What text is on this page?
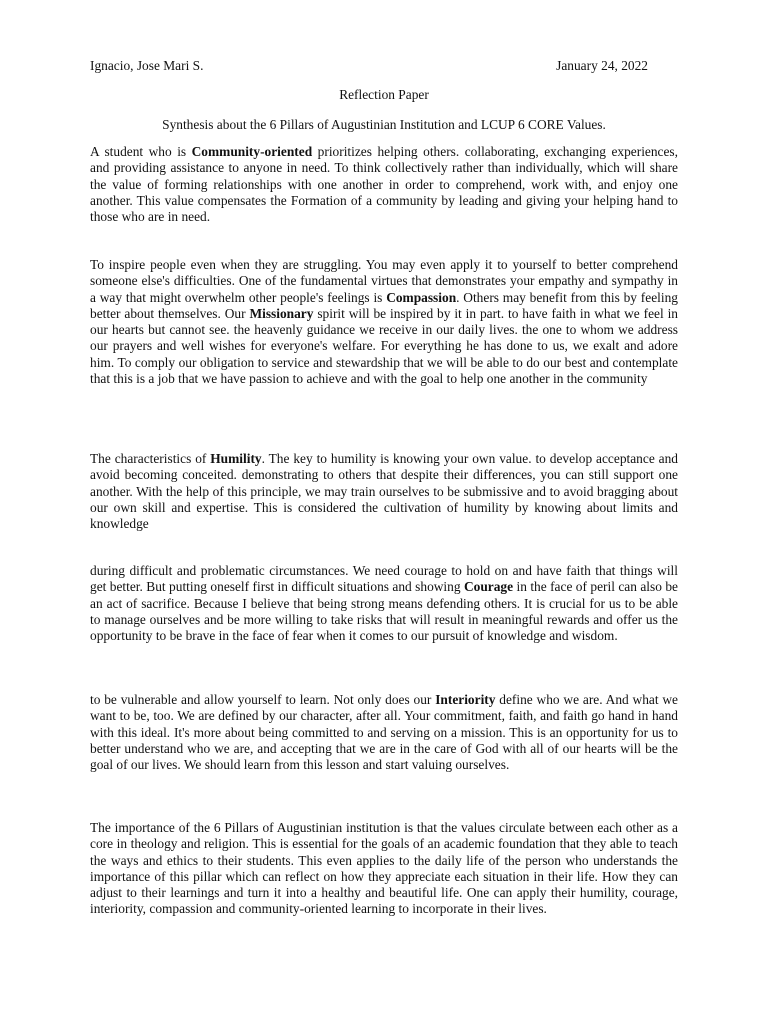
Ignacio, Jose Mari S.	January 24, 2022
Reflection Paper
Synthesis about the 6 Pillars of Augustinian Institution and LCUP 6 CORE Values.

A student who is Community-oriented prioritizes helping others. collaborating, exchanging experiences, and providing assistance to anyone in need. To think collectively rather than individually, which will share the value of forming relationships with one another in order to comprehend, work with, and enjoy one another. This value compensates the Formation of a community by leading and giving your helping hand to those who are in need.

To inspire people even when they are struggling. You may even apply it to yourself to better comprehend someone else's difficulties. One of the fundamental virtues that demonstrates your empathy and sympathy in a way that might overwhelm other people's feelings is Compassion. Others may benefit from this by feeling better about themselves. Our Missionary spirit will be inspired by it in part. to have faith in what we feel in our hearts but cannot see. the heavenly guidance we receive in our daily lives. the one to whom we address our prayers and well wishes for everyone's welfare. For everything he has done to us, we exalt and adore him. To comply our obligation to service and stewardship that we will be able to do our best and contemplate that this is a job that we have passion to achieve and with the goal to help one another in the community

The characteristics of Humility. The key to humility is knowing your own value. to develop acceptance and avoid becoming conceited. demonstrating to others that despite their differences, you can still support one another. With the help of this principle, we may train ourselves to be submissive and to avoid bragging about our own skill and expertise. This is considered the cultivation of humility by knowing about limits and knowledge

during difficult and problematic circumstances. We need courage to hold on and have faith that things will get better. But putting oneself first in difficult situations and showing Courage in the face of peril can also be an act of sacrifice. Because I believe that being strong means defending others. It is crucial for us to be able to manage ourselves and be more willing to take risks that will result in meaningful rewards and offer us the opportunity to be brave in the face of fear when it comes to our pursuit of knowledge and wisdom.

to be vulnerable and allow yourself to learn. Not only does our Interiority define who we are. And what we want to be, too. We are defined by our character, after all. Your commitment, faith, and faith go hand in hand with this ideal. It's more about being committed to and serving on a mission. This is an opportunity for us to better understand who we are, and accepting that we are in the care of God with all of our hearts will be the goal of our lives. We should learn from this lesson and start valuing ourselves.

The importance of the 6 Pillars of Augustinian institution is that the values circulate between each other as a core in theology and religion. This is essential for the goals of an academic foundation that they able to teach the ways and ethics to their students. This even applies to the daily life of the person who understands the importance of this pillar which can reflect on how they appreciate each situation in their life. How they can adjust to their learnings and turn it into a healthy and beautiful life. One can apply their humility, courage, interiority, compassion and community-oriented learning to incorporate in their lives.
